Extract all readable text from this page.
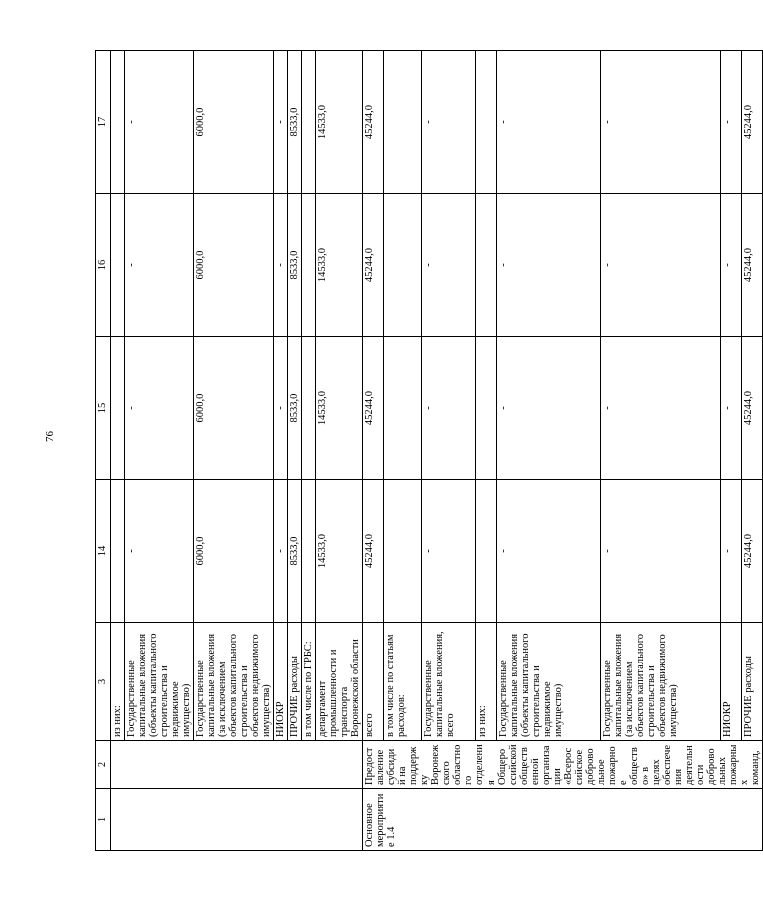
76
1	2	3	14	15	16	17
		из них:				
		Государственные капитальные вложения (объекты капитального строительства и недвижимое имущество)	-	-	-	-
		Государственные капитальные вложения (за исключением объектов капитального строительства и объектов недвижимого имущества)	6000,0	6000,0	6000,0	6000,0
		НИОКР	-	-	-	-
		ПРОЧИЕ расходы	8533,0	8533,0	8533,0	8533,0
		в том числе по ГРБС:				
		департамент промышленности и транспорта Воронежской области	14533,0	14533,0	14533,0	14533,0
Основное мероприятие 1.4	Предоставление субсидий на поддержку Воронежского областного отделения Общероссийской общественной организации «Всероссийское добровольное пожарное общество» в целях обеспечения деятельности добровольных пожарных команд,	всего	45244,0	45244,0	45244,0	45244,0
		в том числе по статьям расходов:				
		Государственные капитальные вложения, всего	-	-	-	-
		из них:				
		Государственные капитальные вложения (объекты капитального строительства и недвижимое имущество)	-	-	-	-
		Государственные капитальные вложения (за исключением объектов капитального строительства и объектов недвижимого имущества)	-	-	-	-
		НИОКР	-	-	-	-
		ПРОЧИЕ расходы	45244,0	45244,0	45244,0	45244,0
